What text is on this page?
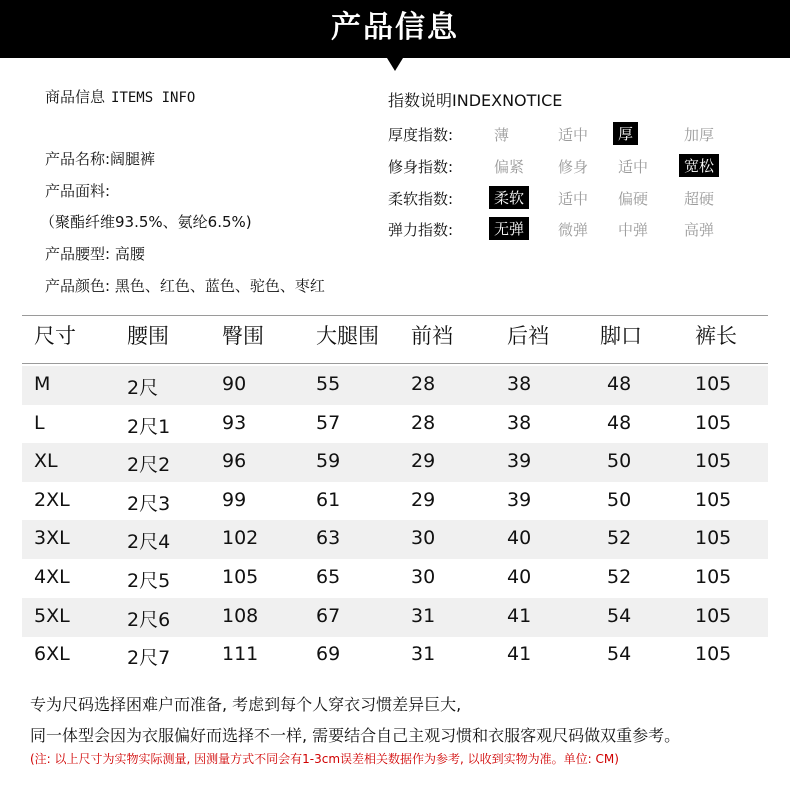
产品信息
商品信息 ITEMS INFO
产品名称:阔腿裤
产品面料:
（聚酯纤维93.5%、氨纶6.5%)
产品腰型: 高腰
产品颜色: 黑色、红色、蓝色、驼色、枣红
指数说明INDEXNOTICE
厚度指数:	薄	适中	厚	加厚
修身指数:	偏紧 修身 适中	宽松
柔软指数:	柔软	适中 偏硬 超硬
弹力指数:	无弹	微弹 中弹 高弹
尺寸 腰围	臀围 大腿围 前裆	后裆 脚口	裤长
M	2尺	90	55	28	38	48	105
L	2尺1	93	57	28	38	48	105
XL	2尺2	96	59	29	39	50	105
2XL	2尺3	99	61	29	39	50	105
3XL	2尺4	102	63	30	40	52	105
4XL	2尺5	105	65	30	40	52	105
5XL	2尺6	108	67	31	41	54	105
6XL	2尺7	111	69	31	41	54	105
专为尺码选择困难户而准备, 考虑到每个人穿衣习惯差异巨大,
同一体型会因为衣服偏好而选择不一样, 需要结合自己主观习惯和衣服客观尺码做双重参考。
(注: 以上尺寸为实物实际测量, 因测量方式不同会有1-3cm误差相关数据作为参考, 以收到实物为准。单位: CM)
